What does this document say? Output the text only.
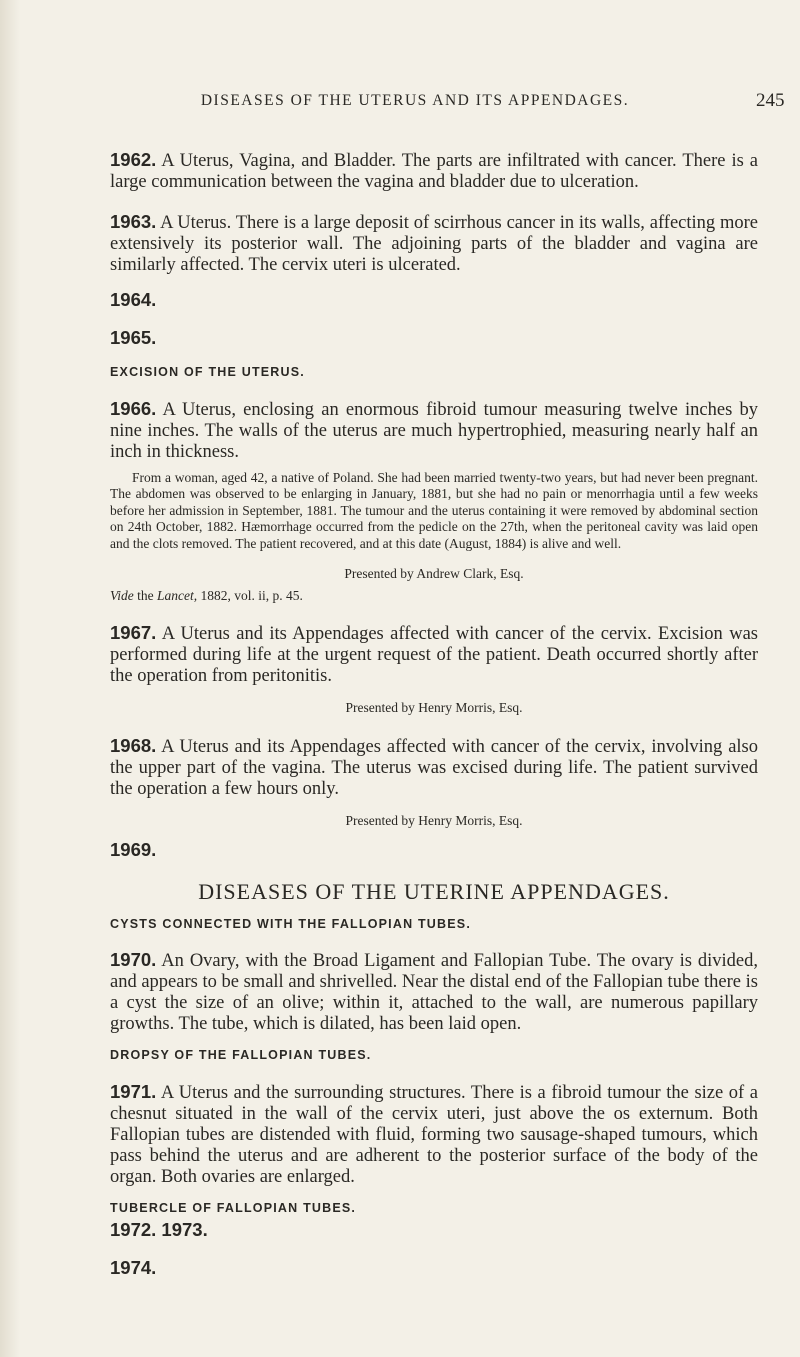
DISEASES OF THE UTERUS AND ITS APPENDAGES.	245

1962. A Uterus, Vagina, and Bladder. The parts are infiltrated with cancer. There is a large communication between the vagina and bladder due to ulceration.

1963. A Uterus. There is a large deposit of scirrhous cancer in its walls, affecting more extensively its posterior wall. The adjoining parts of the bladder and vagina are similarly affected. The cervix uteri is ulcerated.

1964.
1965.
EXCISION OF THE UTERUS.

1966. A Uterus, enclosing an enormous fibroid tumour measuring twelve inches by nine inches. The walls of the uterus are much hypertrophied, measuring nearly half an inch in thickness.

From a woman, aged 42, a native of Poland. She had been married twenty-two years, but had never been pregnant. The abdomen was observed to be enlarging in January, 1881, but she had no pain or menorrhagia until a few weeks before her admission in September, 1881. The tumour and the uterus containing it were removed by abdominal section on 24th October, 1882. Hæmorrhage occurred from the pedicle on the 27th, when the peritoneal cavity was laid open and the clots removed. The patient recovered, and at this date (August, 1884) is alive and well.

Presented by Andrew Clark, Esq.

Vide the Lancet, 1882, vol. ii, p. 45.

1967. A Uterus and its Appendages affected with cancer of the cervix. Excision was performed during life at the urgent request of the patient. Death occurred shortly after the operation from peritonitis.

Presented by Henry Morris, Esq.

1968. A Uterus and its Appendages affected with cancer of the cervix, involving also the upper part of the vagina. The uterus was excised during life. The patient survived the operation a few hours only.

Presented by Henry Morris, Esq.

1969.
DISEASES OF THE UTERINE APPENDAGES.
CYSTS CONNECTED WITH THE FALLOPIAN TUBES.

1970. An Ovary, with the Broad Ligament and Fallopian Tube. The ovary is divided, and appears to be small and shrivelled. Near the distal end of the Fallopian tube there is a cyst the size of an olive; within it, attached to the wall, are numerous papillary growths. The tube, which is dilated, has been laid open.

DROPSY OF THE FALLOPIAN TUBES.

1971. A Uterus and the surrounding structures. There is a fibroid tumour the size of a chesnut situated in the wall of the cervix uteri, just above the os externum. Both Fallopian tubes are distended with fluid, forming two sausage-shaped tumours, which pass behind the uterus and are adherent to the posterior surface of the body of the organ. Both ovaries are enlarged.

TUBERCLE OF FALLOPIAN TUBES.
1972. 1973.
1974.
